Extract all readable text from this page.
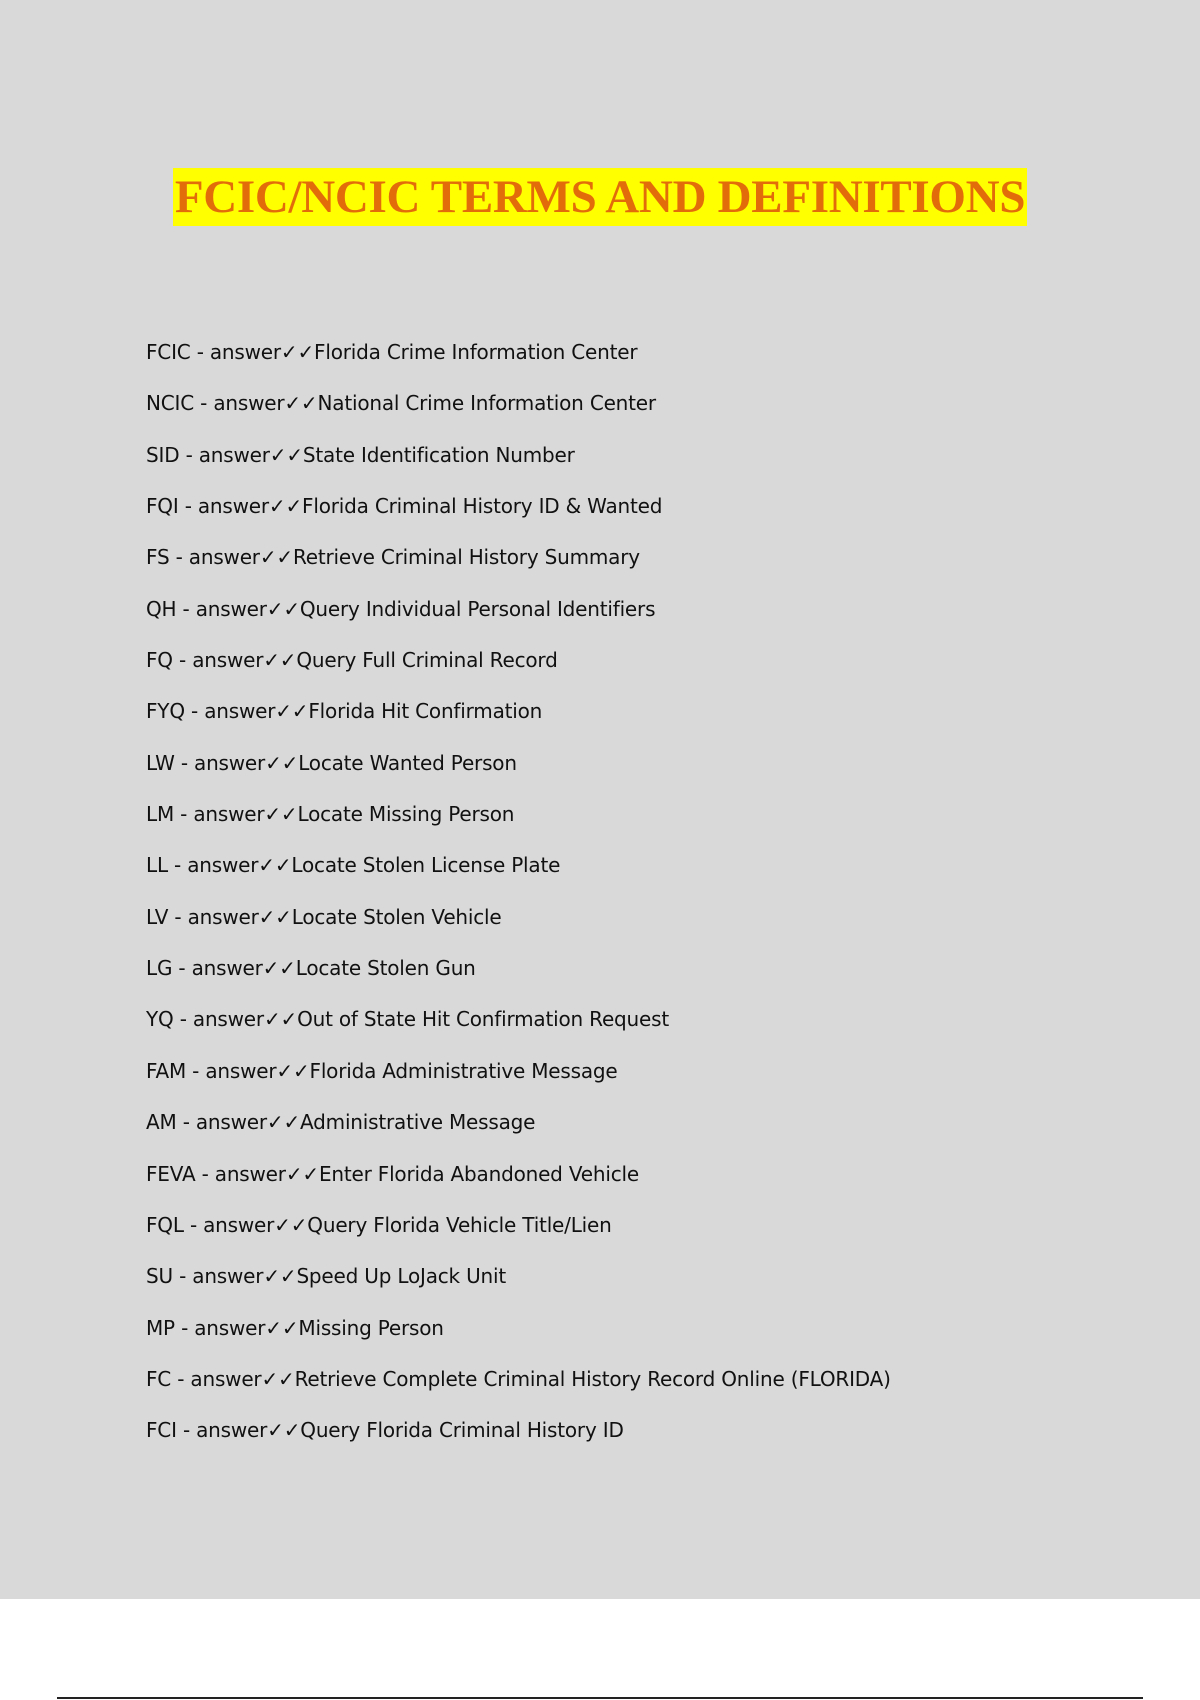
FCIC/NCIC TERMS AND DEFINITIONS
FCIC - answer✓✓Florida Crime Information Center
NCIC - answer✓✓National Crime Information Center
SID - answer✓✓State Identification Number
FQI - answer✓✓Florida Criminal History ID & Wanted
FS - answer✓✓Retrieve Criminal History Summary
QH - answer✓✓Query Individual Personal Identifiers
FQ - answer✓✓Query Full Criminal Record
FYQ - answer✓✓Florida Hit Confirmation
LW - answer✓✓Locate Wanted Person
LM - answer✓✓Locate Missing Person
LL - answer✓✓Locate Stolen License Plate
LV - answer✓✓Locate Stolen Vehicle
LG - answer✓✓Locate Stolen Gun
YQ - answer✓✓Out of State Hit Confirmation Request
FAM - answer✓✓Florida Administrative Message
AM - answer✓✓Administrative Message
FEVA - answer✓✓Enter Florida Abandoned Vehicle
FQL - answer✓✓Query Florida Vehicle Title/Lien
SU - answer✓✓Speed Up LoJack Unit
MP - answer✓✓Missing Person
FC - answer✓✓Retrieve Complete Criminal History Record Online (FLORIDA)
FCI - answer✓✓Query Florida Criminal History ID
